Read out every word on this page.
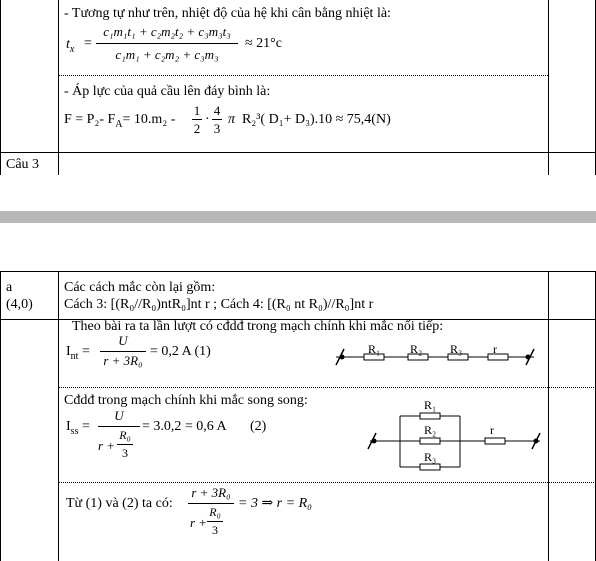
- Tương tự như trên, nhiệt độ của hệ khi cân bằng nhiệt là:
$t_x$ =
c₁m₁t₁ + c₂m₂t₂ + c₃m₃t₃
c₁m₁ + c₂m₂ + c₃m₃
≈ 21°c
- Áp lực của quả cầu lên đáy bình là:
F = P₂- $F_A= 10.m_2$ -
1
2
·
4
3
π R₂³( D₁+ D₃).10 ≈ 75,4(N)
Câu 3
a
(4,0)
Các cách mắc còn lại gồm:
Cách 3: [(R₀//R₀)ntR₀]nt r ; Cách 4: [(R₀ nt R₀)//R₀]nt r
Theo bài ra ta lần lượt có cđdđ trong mạch chính khi mắc nối tiếp:
$I_{nt}$ =
U
r + 3R₀
= 0,2 A (1)	R₁ R₂ R₃	r
Cđdđ trong mạch chính khi mắc song song:
$I_{ss}$ =
U
r +
R₀
3
= 3.0,2 = 0,6 A (2)
R₁
R₂
R₃
r
Từ (1) và (2) ta có:
r + 3R₀
r +
R₀
3
= 3 ⇒ r = R₀
